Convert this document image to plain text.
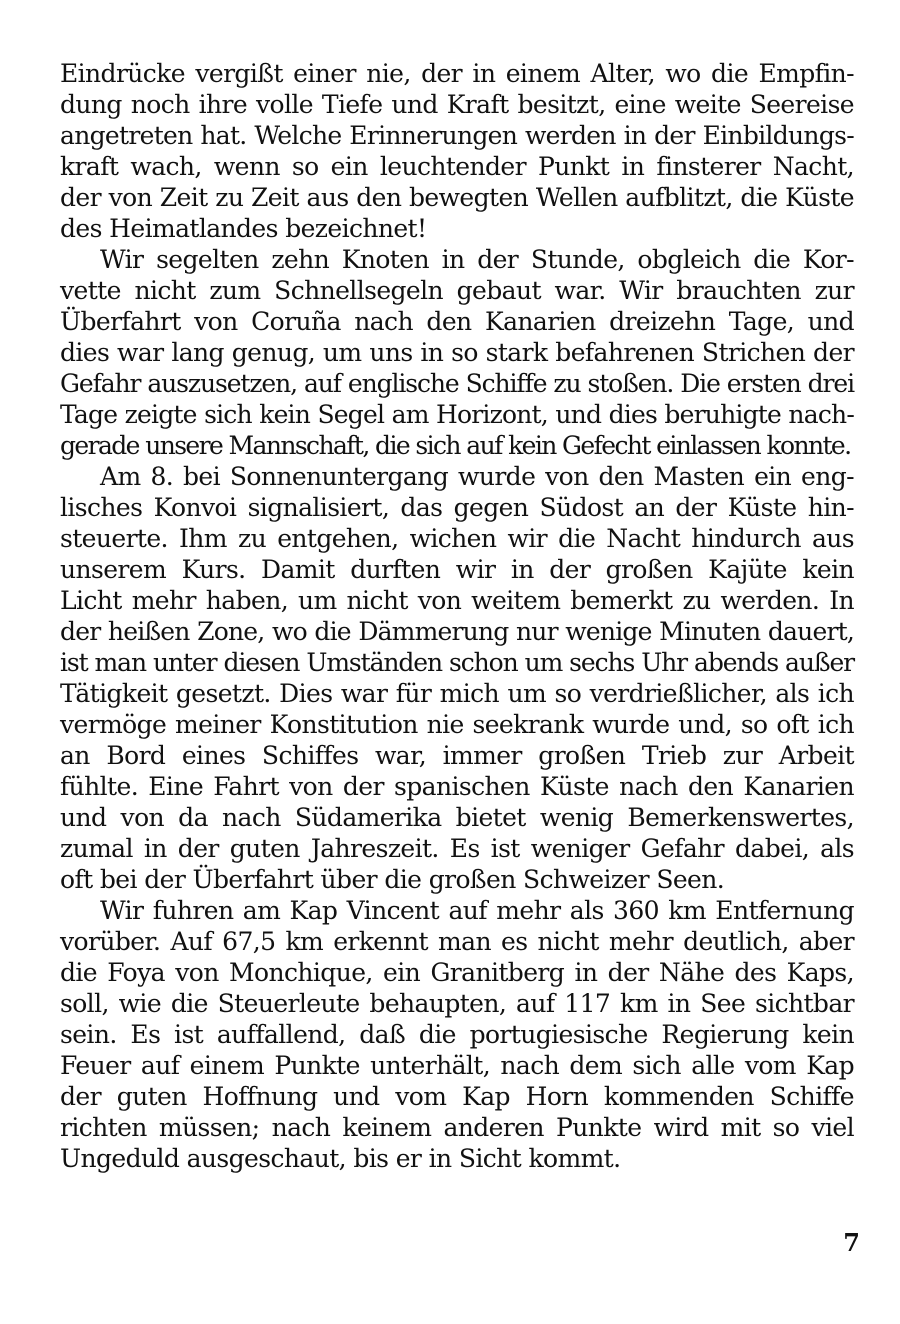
Eindrücke vergißt einer nie, der in einem Alter, wo die Empfin-
dung noch ihre volle Tiefe und Kraft besitzt, eine weite Seereise
angetreten hat. Welche Erinnerungen werden in der Einbildungs-
kraft wach, wenn so ein leuchtender Punkt in finsterer Nacht,
der von Zeit zu Zeit aus den bewegten Wellen aufblitzt, die Küste
des Heimatlandes bezeichnet!
Wir segelten zehn Knoten in der Stunde, obgleich die Kor-
vette nicht zum Schnellsegeln gebaut war. Wir brauchten zur
Überfahrt von Coruña nach den Kanarien dreizehn Tage, und
dies war lang genug, um uns in so stark befahrenen Strichen der
Gefahr auszusetzen, auf englische Schiffe zu stoßen. Die ersten drei
Tage zeigte sich kein Segel am Horizont, und dies beruhigte nach-
gerade unsere Mannschaft, die sich auf kein Gefecht einlassen konnte.
Am 8. bei Sonnenuntergang wurde von den Masten ein eng-
lisches Konvoi signalisiert, das gegen Südost an der Küste hin-
steuerte. Ihm zu entgehen, wichen wir die Nacht hindurch aus
unserem Kurs. Damit durften wir in der großen Kajüte kein
Licht mehr haben, um nicht von weitem bemerkt zu werden. In
der heißen Zone, wo die Dämmerung nur wenige Minuten dauert,
ist man unter diesen Umständen schon um sechs Uhr abends außer
Tätigkeit gesetzt. Dies war für mich um so verdrießlicher, als ich
vermöge meiner Konstitution nie seekrank wurde und, so oft ich
an Bord eines Schiffes war, immer großen Trieb zur Arbeit
fühlte. Eine Fahrt von der spanischen Küste nach den Kanarien
und von da nach Südamerika bietet wenig Bemerkenswertes,
zumal in der guten Jahreszeit. Es ist weniger Gefahr dabei, als
oft bei der Überfahrt über die großen Schweizer Seen.
Wir fuhren am Kap Vincent auf mehr als 360 km Entfernung
vorüber. Auf 67,5 km erkennt man es nicht mehr deutlich, aber
die Foya von Monchique, ein Granitberg in der Nähe des Kaps,
soll, wie die Steuerleute behaupten, auf 117 km in See sichtbar
sein. Es ist auffallend, daß die portugiesische Regierung kein
Feuer auf einem Punkte unterhält, nach dem sich alle vom Kap
der guten Hoffnung und vom Kap Horn kommenden Schiffe
richten müssen; nach keinem anderen Punkte wird mit so viel
Ungeduld ausgeschaut, bis er in Sicht kommt.
7
